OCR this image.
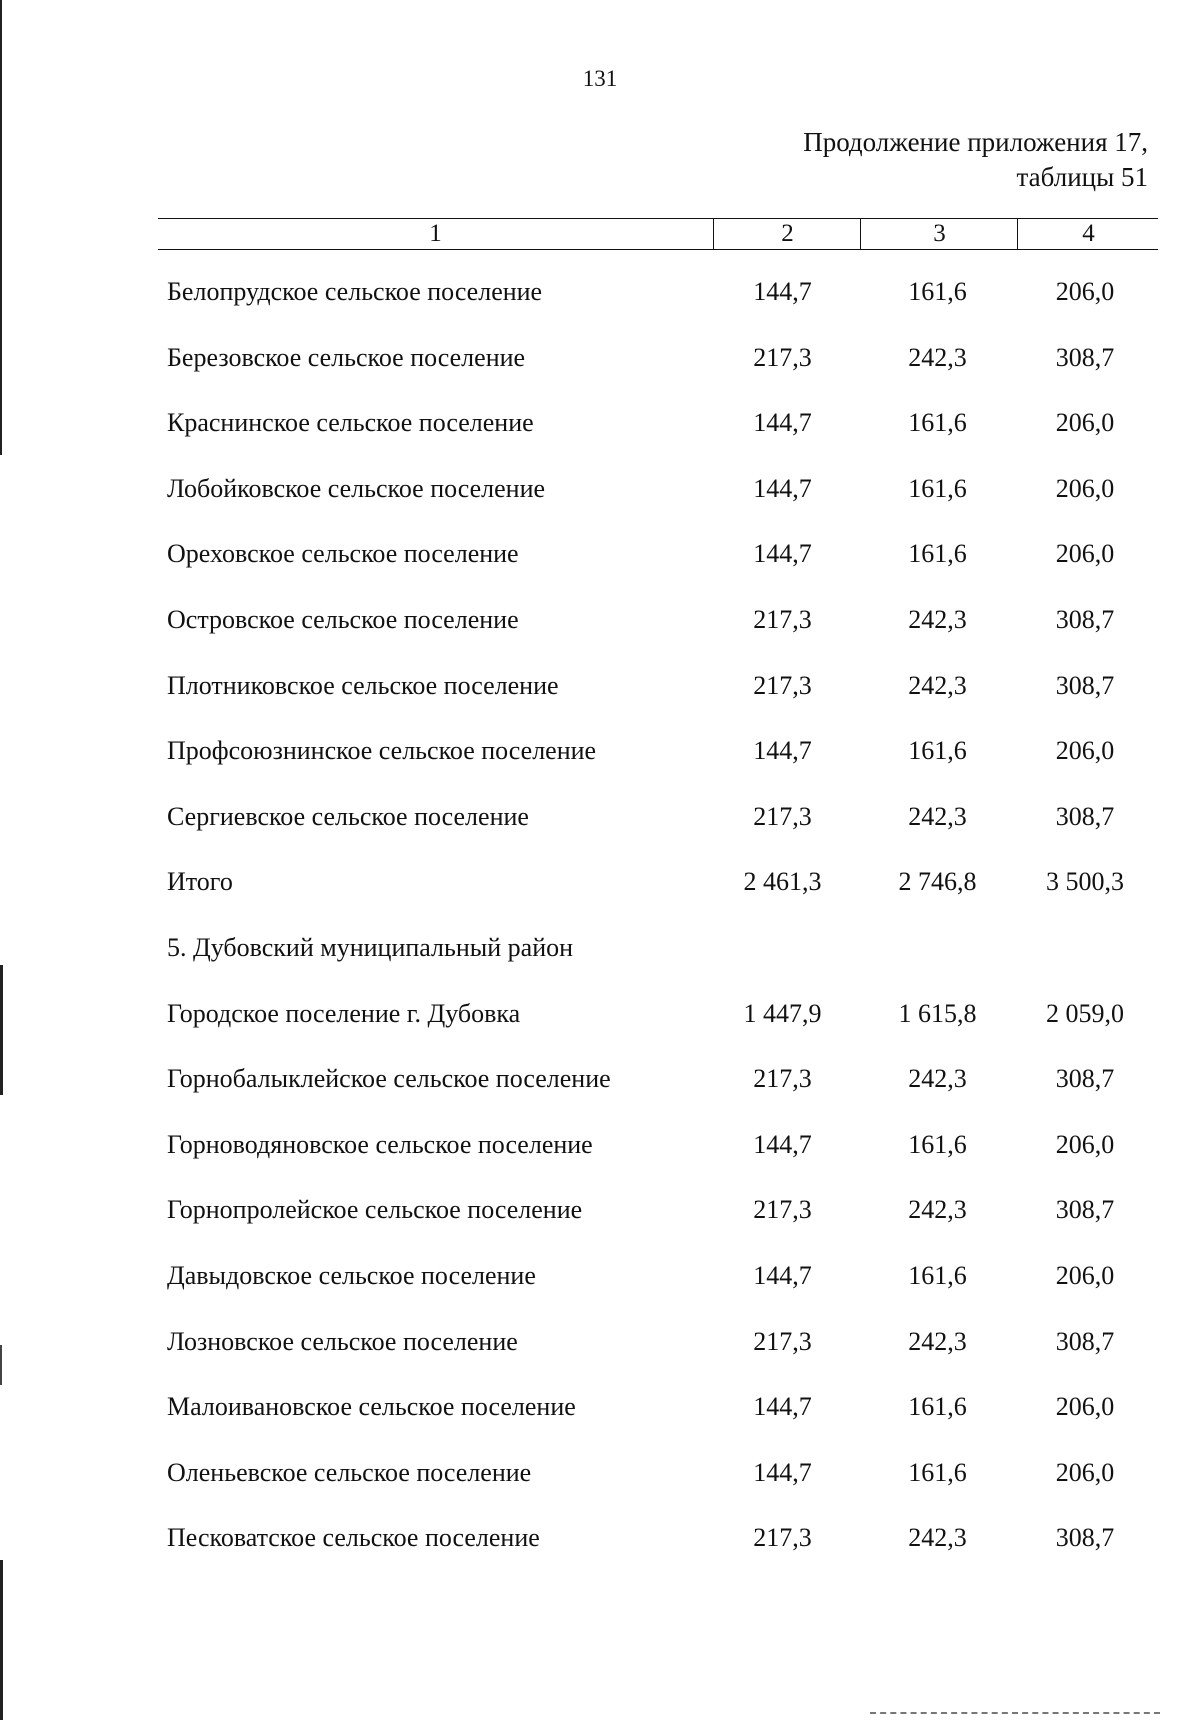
131
Продолжение приложения 17,
таблицы 51
1	2	3	4
Белопрудское сельское поселение	144,7	161,6	206,0
Березовское сельское поселение	217,3	242,3	308,7
Краснинское сельское поселение	144,7	161,6	206,0
Лобойковское сельское поселение	144,7	161,6	206,0
Ореховское сельское поселение	144,7	161,6	206,0
Островское сельское поселение	217,3	242,3	308,7
Плотниковское сельское поселение	217,3	242,3	308,7
Профсоюзнинское сельское поселение	144,7	161,6	206,0
Сергиевское сельское поселение	217,3	242,3	308,7
Итого	2 461,3	2 746,8	3 500,3
5. Дубовский муниципальный район
Городское поселение г. Дубовка	1 447,9	1 615,8	2 059,0
Горнобалыклейское сельское поселение	217,3	242,3	308,7
Горноводяновское сельское поселение	144,7	161,6	206,0
Горнопролейское сельское поселение	217,3	242,3	308,7
Давыдовское сельское поселение	144,7	161,6	206,0
Лозновское сельское поселение	217,3	242,3	308,7
Малоивановское сельское поселение	144,7	161,6	206,0
Оленьевское сельское поселение	144,7	161,6	206,0
Песковатское сельское поселение	217,3	242,3	308,7
